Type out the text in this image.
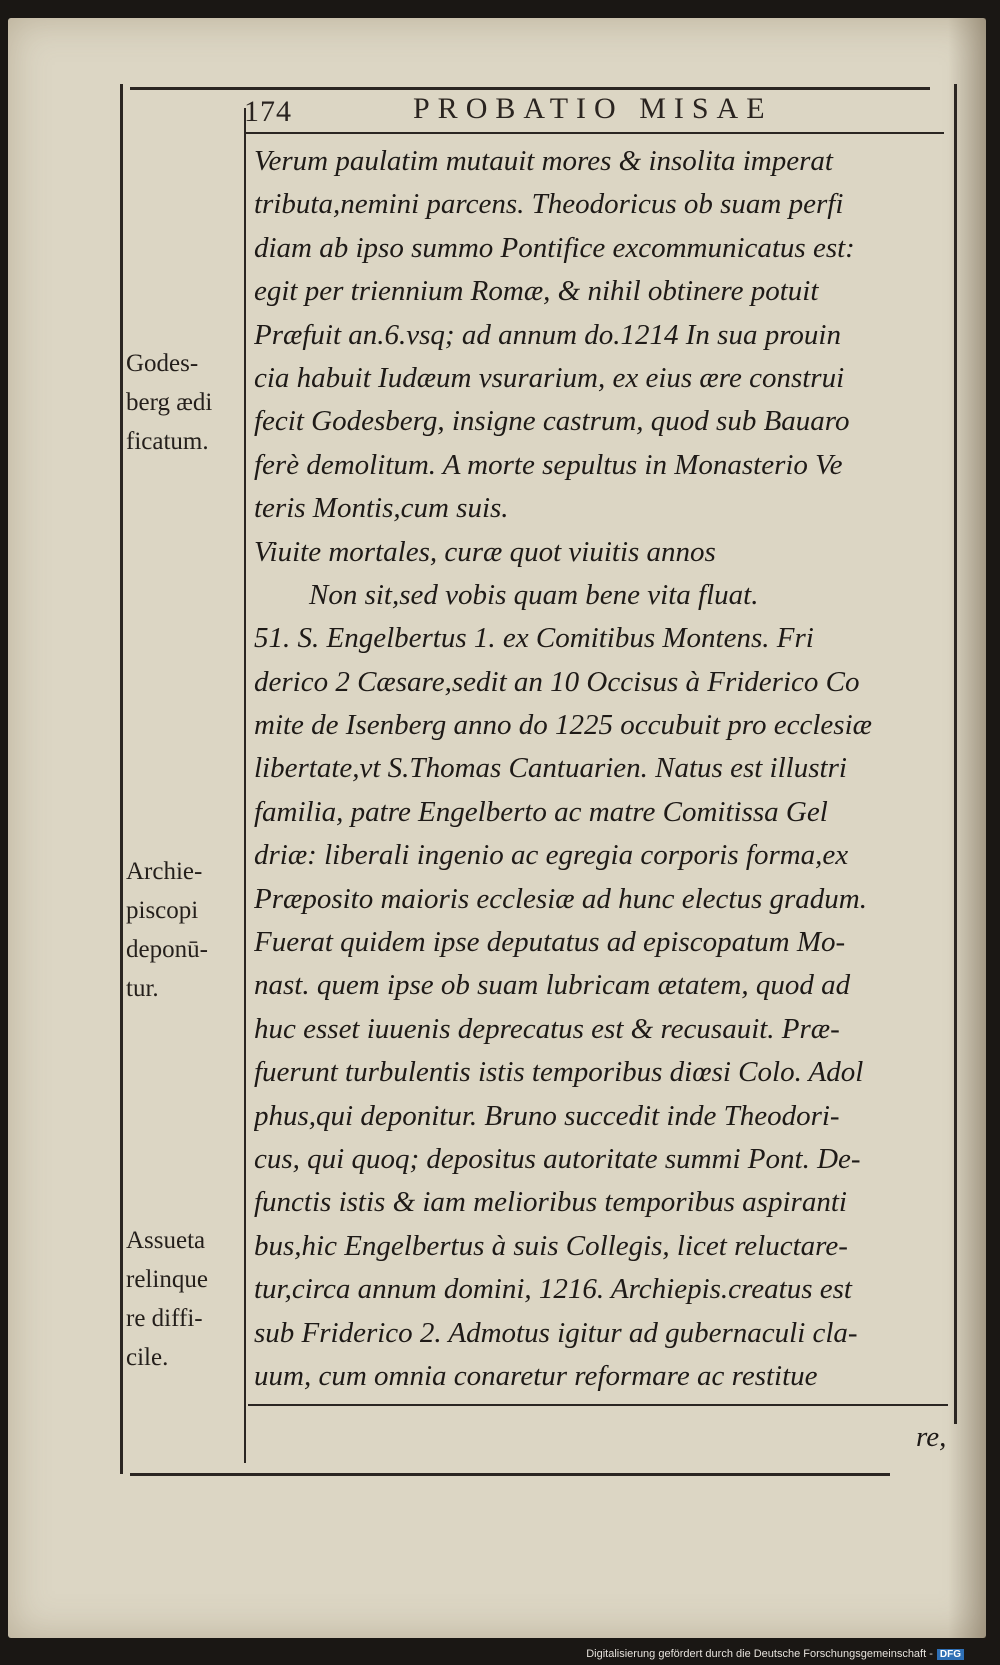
174	PROBATIO MISAE
Verum paulatim mutauit mores & insolita imperat
tributa,nemini parcens. Theodoricus ob suam perfi
diam ab ipso summo Pontifice excommunicatus est:
egit per triennium Romæ, & nihil obtinere potuit
Præfuit an.6.vsq; ad annum do.1214 In sua prouin
cia habuit Iudæum vsurarium, ex eius ære construi
fecit Godesberg, insigne castrum, quod sub Bauaro
ferè demolitum. A morte sepultus in Monasterio Ve
teris Montis,cum suis.
Viuite mortales, curæ quot viuitis annos
Non sit,sed vobis quam bene vita fluat.
51. S. Engelbertus 1. ex Comitibus Montens. Fri
derico 2 Cæsare,sedit an 10 Occisus à Friderico Co
mite de Isenberg anno do 1225 occubuit pro ecclesiæ
libertate,vt S.Thomas Cantuarien. Natus est illustri
familia, patre Engelberto ac matre Comitissa Gel
driæ: liberali ingenio ac egregia corporis forma,ex
Præposito maioris ecclesiæ ad hunc electus gradum.
Fuerat quidem ipse deputatus ad episcopatum Mo-
nast. quem ipse ob suam lubricam ætatem, quod ad
huc esset iuuenis deprecatus est & recusauit. Præ-
fuerunt turbulentis istis temporibus diœsi Colo. Adol
phus,qui deponitur. Bruno succedit inde Theodori-
cus, qui quoq; depositus autoritate summi Pont. De-
functis istis & iam melioribus temporibus aspiranti
bus,hic Engelbertus à suis Collegis, licet reluctare-
tur,circa annum domini, 1216. Archiepis.creatus est
sub Friderico 2. Admotus igitur ad gubernaculi cla-
uum, cum omnia conaretur reformare ac restitue
Godes-
berg ædi
ficatum.
Archie-
piscopi
deponū-
tur.
Assueta
relinque
re diffi-
cile.
re,
Digitalisierung gefördert durch die Deutsche Forschungsgemeinschaft - DFG
